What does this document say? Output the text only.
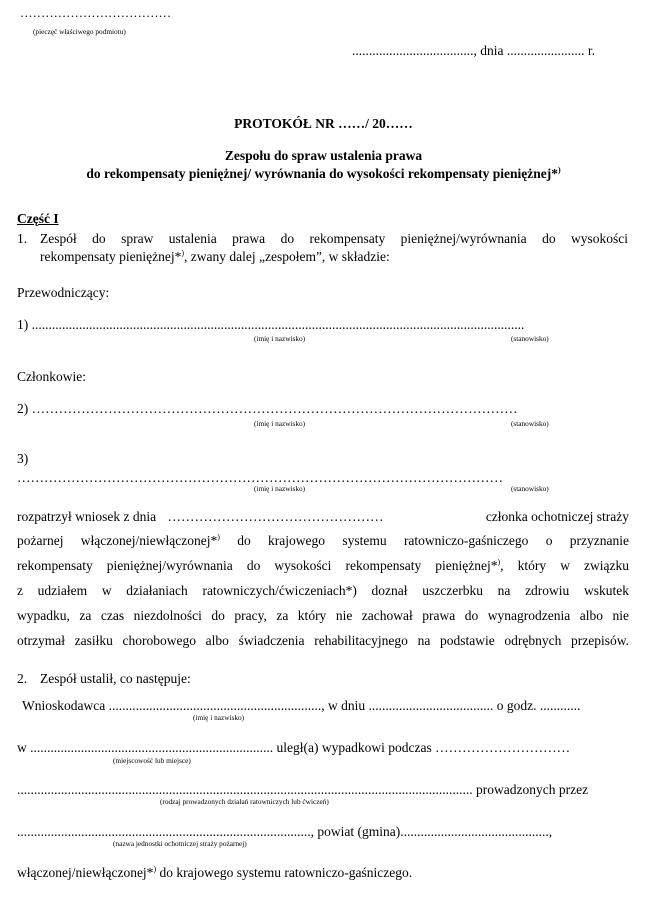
………………………………
(pieczęć właściwego podmiotu)
...................................., dnia ....................... r.
PROTOKÓŁ NR ……/ 20……
Zespołu do spraw ustalenia prawa
do rekompensaty pieniężnej/ wyrównania do wysokości rekompensaty pieniężnej*)
Część I
1. Zespół do spraw ustalenia prawa do rekompensaty pieniężnej/wyrównania do wysokości
rekompensaty pieniężnej*), zwany dalej „zespołem”, w składzie:
Przewodniczący:
1) ..................................................................................................................................................
(imię i nazwisko)	(stanowisko)
Członkowie:
2) ………………………………………………………………………………………………
(imię i nazwisko)	(stanowisko)
3)
………………………………………………………………………………………………
(imię i nazwisko)	(stanowisko)
rozpatrzył wniosek z dnia …………………………………………	członka ochotniczej straży
pożarnej włączonej/niewłączonej*) do krajowego systemu ratowniczo-gaśniczego o przyznanie
rekompensaty pieniężnej/wyrównania do wysokości rekompensaty pieniężnej*), który w związku
z udziałem w działaniach ratowniczych/ćwiczeniach*) doznał uszczerbku na zdrowiu wskutek
wypadku, za czas niezdolności do pracy, za który nie zachował prawa do wynagrodzenia albo nie
otrzymał zasiłku chorobowego albo świadczenia rehabilitacyjnego na podstawie odrębnych przepisów.
2. Zespół ustalił, co następuje:
Wnioskodawca ..............................................................., w dniu ..................................... o godz. ............
(imię i nazwisko)
w ........................................................................ uległ(a) wypadkowi podczas …………………………
(miejscowość lub miejsce)
....................................................................................................................................... prowadzonych przez
(rodzaj prowadzonych działań ratowniczych lub ćwiczeń)
......................................................................................., powiat (gmina)............................................,
(nazwa jednostki ochotniczej straży pożarnej)
włączonej/niewłączonej*) do krajowego systemu ratowniczo-gaśniczego.
